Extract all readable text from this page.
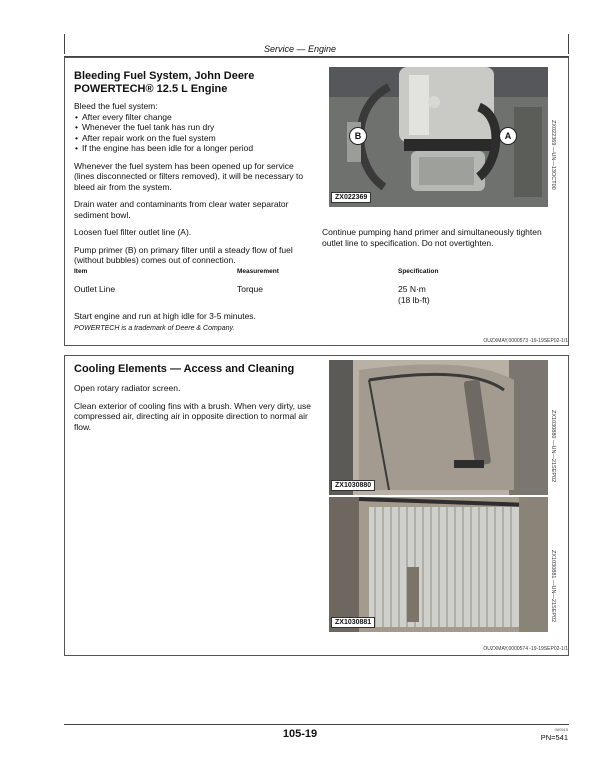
Service — Engine
Bleeding Fuel System, John Deere
POWERTECH® 12.5 L Engine

Bleed the fuel system:

• After every filter change
• Whenever the fuel tank has run dry
• After repair work on the fuel system
• If the engine has been idle for a longer period

Whenever the fuel system has been opened up for service (lines disconnected or filters removed), it will be necessary to bleed air from the system.

Drain water and contaminants from clear water separator sediment bowl.

Loosen fuel filter outlet line (A).

Pump primer (B) on primary filter until a steady flow of fuel (without bubbles) comes out of connection.

B	A
ZX022369
ZX022369 —UN—13OCT00

Continue pumping hand primer and simultaneously tighten outlet line to specification. Do not overtighten.

Item	Measurement	Specification
Outlet Line	Torque	25 N·m
(18 lb-ft)

Start engine and run at high idle for 3-5 minutes.

POWERTECH is a trademark of Deere & Company.
OUZXMAY,0000573 -19-19SEP02-1/1
Cooling Elements — Access and Cleaning

Open rotary radiator screen.

Clean exterior of cooling fins with a brush. When very dirty, use compressed air, directing air in opposite direction to normal air flow.

ZX1030880
ZX1030880 —UN—21SEP02
ZX1030881
ZX1030881 —UN—21SEP02
OUZXMAY,0000574 -19-19SEP02-1/1
105-19	060515
PN=541
